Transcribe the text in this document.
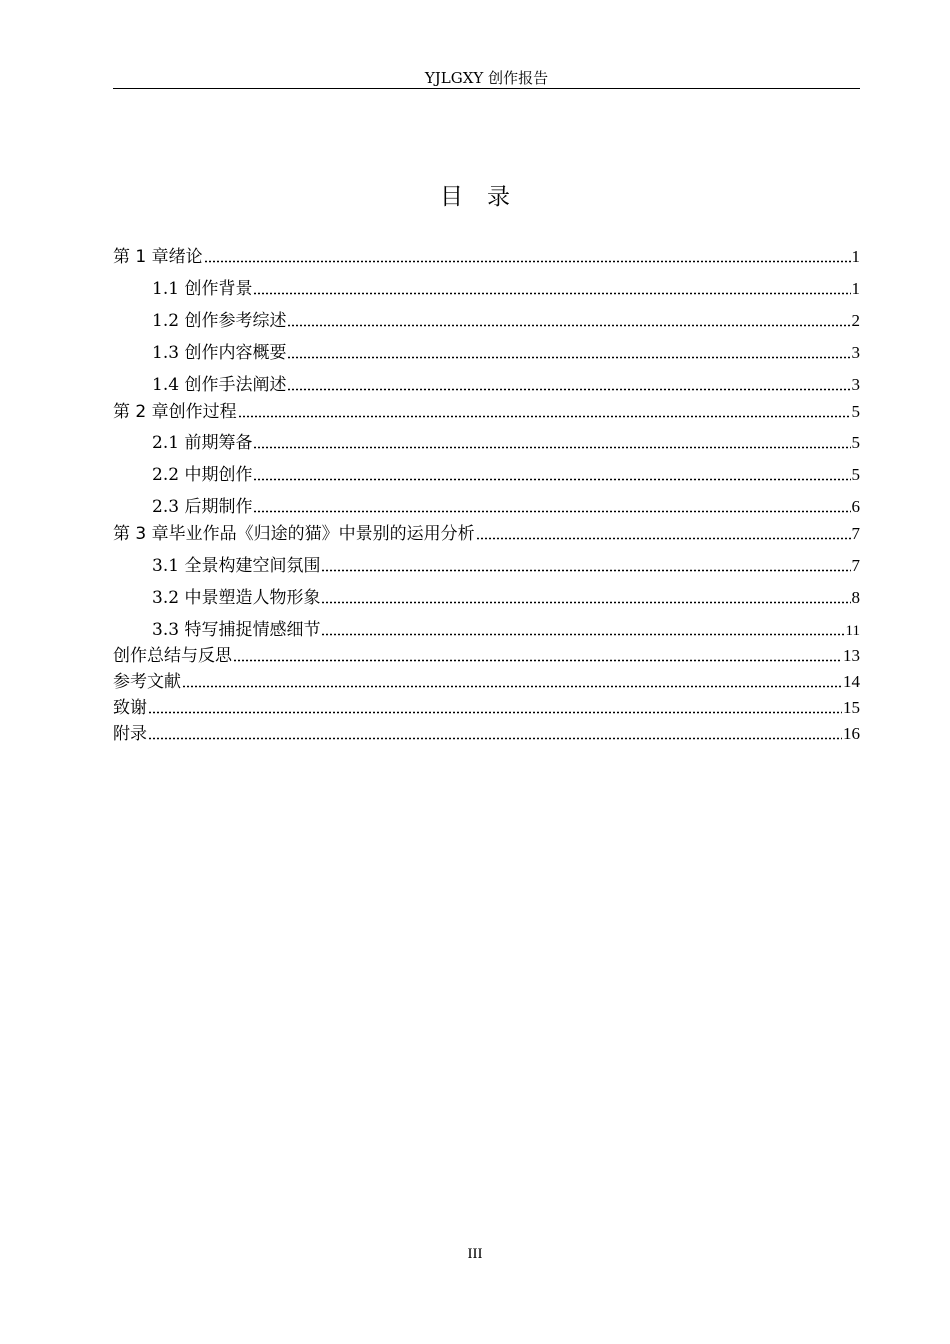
YJLGXY 创作报告
目录
第 1 章绪论	1
1.1 创作背景	1
1.2 创作参考综述	2
1.3 创作内容概要	3
1.4 创作手法阐述	3
第 2 章创作过程	5
2.1 前期筹备	5
2.2 中期创作	5
2.3 后期制作	6
第 3 章毕业作品《归途的猫》中景别的运用分析	7
3.1 全景构建空间氛围	7
3.2 中景塑造人物形象	8
3.3 特写捕捉情感细节	11
创作总结与反思	13
参考文献	14
致谢	15
附录	16
III
